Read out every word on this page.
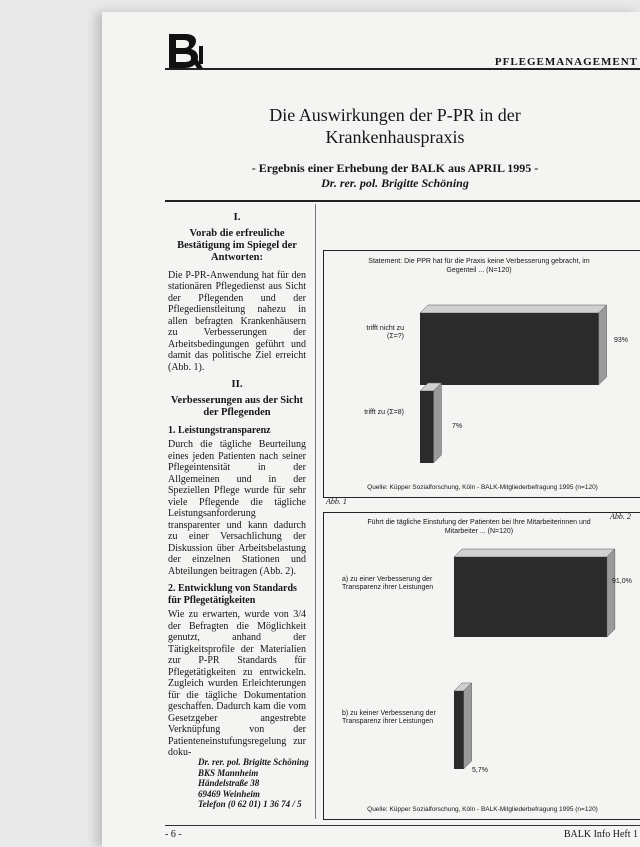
PFLEGEMANAGEMENT
Die Auswirkungen der P-PR in der
Krankenhauspraxis
- Ergebnis einer Erhebung der BALK aus APRIL 1995 -
Dr. rer. pol. Brigitte Schöning
I.
Vorab die erfreuliche Bestätigung im Spiegel der Antworten:

Die P-PR-Anwendung hat für den stationären Pflegedienst aus Sicht der Pflegenden und der Pflegedienstleitung nahezu in allen befragten Krankenhäusern zu Verbesserungen der Arbeitsbedingungen geführt und damit das politische Ziel erreicht (Abb. 1).

II.
Verbesserungen aus der Sicht der Pflegenden
1. Leistungstransparenz

Durch die tägliche Beurteilung eines jeden Patienten nach seiner Pflegeintensität in der Allgemeinen und in der Speziellen Pflege wurde für sehr viele Pflegende die tägliche Leistungsanforderung transparenter und kann dadurch zu einer Versachlichung der Diskussion über Arbeitsbelastung der einzelnen Stationen und Abteilungen beitragen (Abb. 2).

2. Entwicklung von Standards für Pflegetätigkeiten

Wie zu erwarten, wurde von 3/4 der Befragten die Möglichkeit genutzt, anhand der Tätigkeitsprofile der Materialien zur P-PR Standards für Pflegetätigkeiten zu entwickeln. Zugleich wurden Erleichterungen für die tägliche Dokumentation geschaffen. Dadurch kam die vom Gesetzgeber angestrebte Verknüpfung von der Patienteneinstufungsregelung zur doku-

Dr. rer. pol. Brigitte Schöning
BKS Mannheim
Händelstraße 38
69469 Weinheim
Telefon (0 62 01) 1 36 74 / 5
Statement: Die PPR hat für die Praxis keine Verbesserung gebracht, im Gegenteil ... (N=120)
trifft nicht zu (Σ=?)
trifft zu (Σ=8)
93%
7%
Quelle: Küpper Sozialforschung, Köln - BALK-Mitgliederbefragung 1995 (n=120)
Abb. 1
Führt die tägliche Einstufung der Patienten bei Ihre Mitarbeiterinnen und Mitarbeiter ... (N=120)
a) zu einer Verbesserung der Transparenz ihrer Leistungen
b) zu keiner Verbesserung der Transparenz ihrer Leistungen
91,0%
5,7%
Quelle: Küpper Sozialforschung, Köln - BALK-Mitgliederbefragung 1995 (n=120)
Abb. 2
- 6 -	BALK Info Heft 1
